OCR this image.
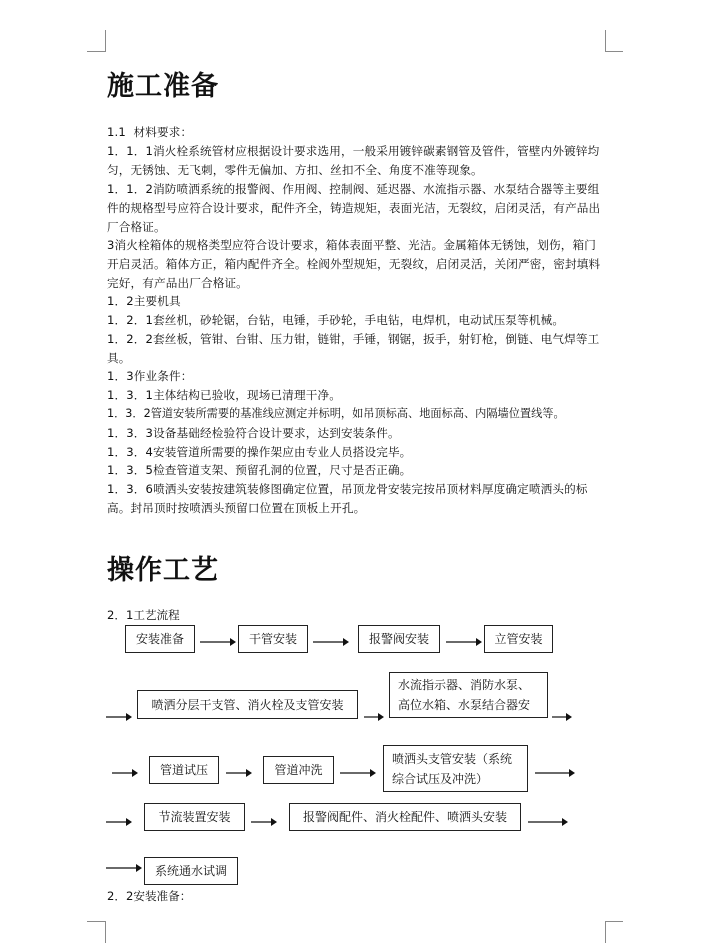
施工准备
1.1  材料要求：
1．1．1消火栓系统管材应根据设计要求选用，一般采用镀锌碳素钢管及管件，管壁内外镀锌均匀，无锈蚀、无飞刺，零件无偏加、方扣、丝扣不全、角度不准等现象。
1．1．2消防喷洒系统的报警阀、作用阀、控制阀、延迟器、水流指示器、水泵结合器等主要组件的规格型号应符合设计要求，配件齐全，铸造规矩，表面光洁，无裂纹，启闭灵活，有产品出厂合格证。
3消火栓箱体的规格类型应符合设计要求，箱体表面平整、光洁。金属箱体无锈蚀，划伤，箱门开启灵活。箱体方正，箱内配件齐全。栓阀外型规矩，无裂纹，启闭灵活，关闭严密，密封填料完好，有产品出厂合格证。
1．2主要机具
1．2．1套丝机，砂轮锯，台钻，电锤，手砂轮，手电钻，电焊机，电动试压泵等机械。
1．2．2套丝板，管钳、台钳、压力钳，链钳，手锤，钢锯，扳手，射钉枪，倒链、电气焊等工具。
1．3作业条件：
1．3．1主体结构已验收，现场已清理干净。
1．3．2管道安装所需要的基准线应测定并标明，如吊顶标高、地面标高、内隔墙位置线等。
1．3．3设备基础经检验符合设计要求，达到安装条件。
1．3．4安装管道所需要的操作架应由专业人员搭设完毕。
1．3．5检查管道支架、预留孔洞的位置，尺寸是否正确。
1．3．6喷洒头安装按建筑装修图确定位置，吊顶龙骨安装完按吊顶材料厚度确定喷洒头的标高。封吊顶时按喷洒头预留口位置在顶板上开孔。
操作工艺
2．1工艺流程
安装准备	干管安装	报警阀安装	立管安装
喷洒分层干支管、消火栓及支管安装
水流指示器、消防水泵、高位水箱、水泵结合器安
管道试压	管道冲洗
喷洒头支管安装（系统综合试压及冲洗）
节流装置安装	报警阀配件、消火栓配件、喷洒头安装
系统通水试调
2．2安装准备：
